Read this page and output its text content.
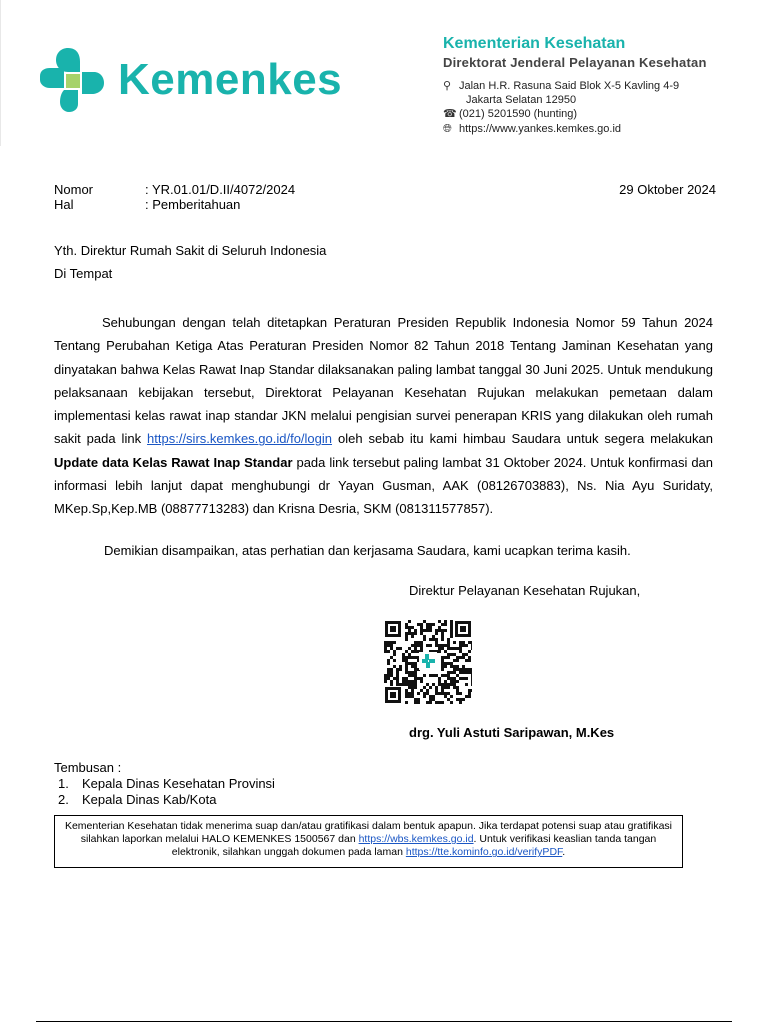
Kemenkes
Kementerian Kesehatan
Direktorat Jenderal Pelayanan Kesehatan
⚲ Jalan H.R. Rasuna Said Blok X-5 Kavling 4-9
Jakarta Selatan 12950
☎ (021) 5201590 (hunting)
🌐︎ https://www.yankes.kemkes.go.id
Nomor	: YR.01.01/D.II/4072/2024
Hal	: Pemberitahuan
29 Oktober 2024
Yth. Direktur Rumah Sakit di Seluruh Indonesia
Di Tempat
Sehubungan dengan telah ditetapkan Peraturan Presiden Republik Indonesia Nomor 59 Tahun 2024 Tentang Perubahan Ketiga Atas Peraturan Presiden Nomor 82 Tahun 2018 Tentang Jaminan Kesehatan yang dinyatakan bahwa Kelas Rawat Inap Standar dilaksanakan paling lambat tanggal 30 Juni 2025. Untuk mendukung pelaksanaan kebijakan tersebut, Direktorat Pelayanan Kesehatan Rujukan melakukan pemetaan dalam implementasi kelas rawat inap standar JKN melalui pengisian survei penerapan KRIS yang dilakukan oleh rumah sakit pada link https://sirs.kemkes.go.id/fo/login oleh sebab itu kami himbau Saudara untuk segera melakukan Update data Kelas Rawat Inap Standar pada link tersebut paling lambat 31 Oktober 2024. Untuk konfirmasi dan informasi lebih lanjut dapat menghubungi dr Yayan Gusman, AAK (08126703883), Ns. Nia Ayu Suridaty, MKep.Sp,Kep.MB (08877713283) dan Krisna Desria, SKM (081311577857).
Demikian disampaikan, atas perhatian dan kerjasama Saudara, kami ucapkan terima kasih.
Direktur Pelayanan Kesehatan Rujukan,
drg. Yuli Astuti Saripawan, M.Kes
Tembusan :
1. Kepala Dinas Kesehatan Provinsi
2. Kepala Dinas Kab/Kota
Kementerian Kesehatan tidak menerima suap dan/atau gratifikasi dalam bentuk apapun. Jika terdapat potensi suap atau gratifikasi silahkan laporkan melalui HALO KEMENKES 1500567 dan https://wbs.kemkes.go.id. Untuk verifikasi keaslian tanda tangan elektronik, silahkan unggah dokumen pada laman https://tte.kominfo.go.id/verifyPDF.
